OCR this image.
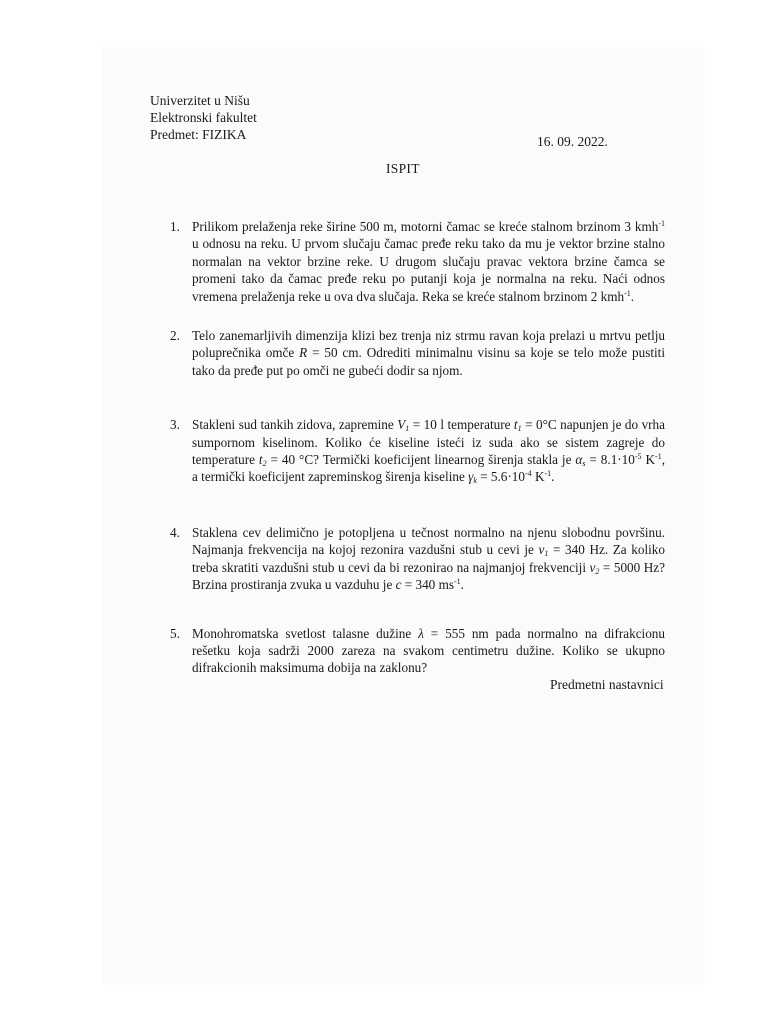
Univerzitet u Nišu
Elektronski fakultet
Predmet: FIZIKA	16. 09. 2022.
ISPIT
1. Prilikom prelaženja reke širine 500 m, motorni čamac se kreće stalnom brzinom 3 kmh$^{-1}$ u odnosu na reku. U prvom slučaju čamac pređe reku tako da mu je vektor brzine stalno normalan na vektor brzine reke. U drugom slučaju pravac vektora brzine čamca se promeni tako da čamac pređe reku po putanji koja je normalna na reku. Naći odnos vremena prelaženja reke u ova dva slučaja. Reka se kreće stalnom brzinom 2 kmh$^{-1}$.
2. Telo zanemarljivih dimenzija klizi bez trenja niz strmu ravan koja prelazi u mrtvu petlju poluprečnika omče R = 50 cm. Odrediti minimalnu visinu sa koje se telo može pustiti tako da pređe put po omči ne gubeći dodir sa njom.
3. Stakleni sud tankih zidova, zapremine $V_1 = 10$ l temperature $t_1 = 0^\circ C$ napunjen je do vrha sumpornom kiselinom. Koliko će kiseline isteći iz suda ako se sistem zagreje do temperature $t_2 = 40$ °C? Termički koeficijent linearnog širenja stakla je $\alpha_s = 8.1\cdot 10^{-5}$ $K^{-1}$, a termički koeficijent zapreminskog širenja kiseline $\gamma_k = 5.6\cdot 10^{-4}$ $K^{-1}$.
4. Staklena cev delimično je potopljena u tečnost normalno na njenu slobodnu površinu. Najmanja frekvencija na kojoj rezonira vazdušni stub u cevi je $\nu_1 = 340$ Hz. Za koliko treba skratiti vazdušni stub u cevi da bi rezonirao na najmanjoj frekvenciji $\nu_2 = 5000$ Hz? Brzina prostiranja zvuka u vazduhu je c = 340 $ms^{-1}$.
5. Monohromatska svetlost talasne dužine λ = 555 nm pada normalno na difrakcionu rešetku koja sadrži 2000 zareza na svakom centimetru dužine. Koliko se ukupno difrakcionih maksimuma dobija na zaklonu?
Predmetni nastavnici
